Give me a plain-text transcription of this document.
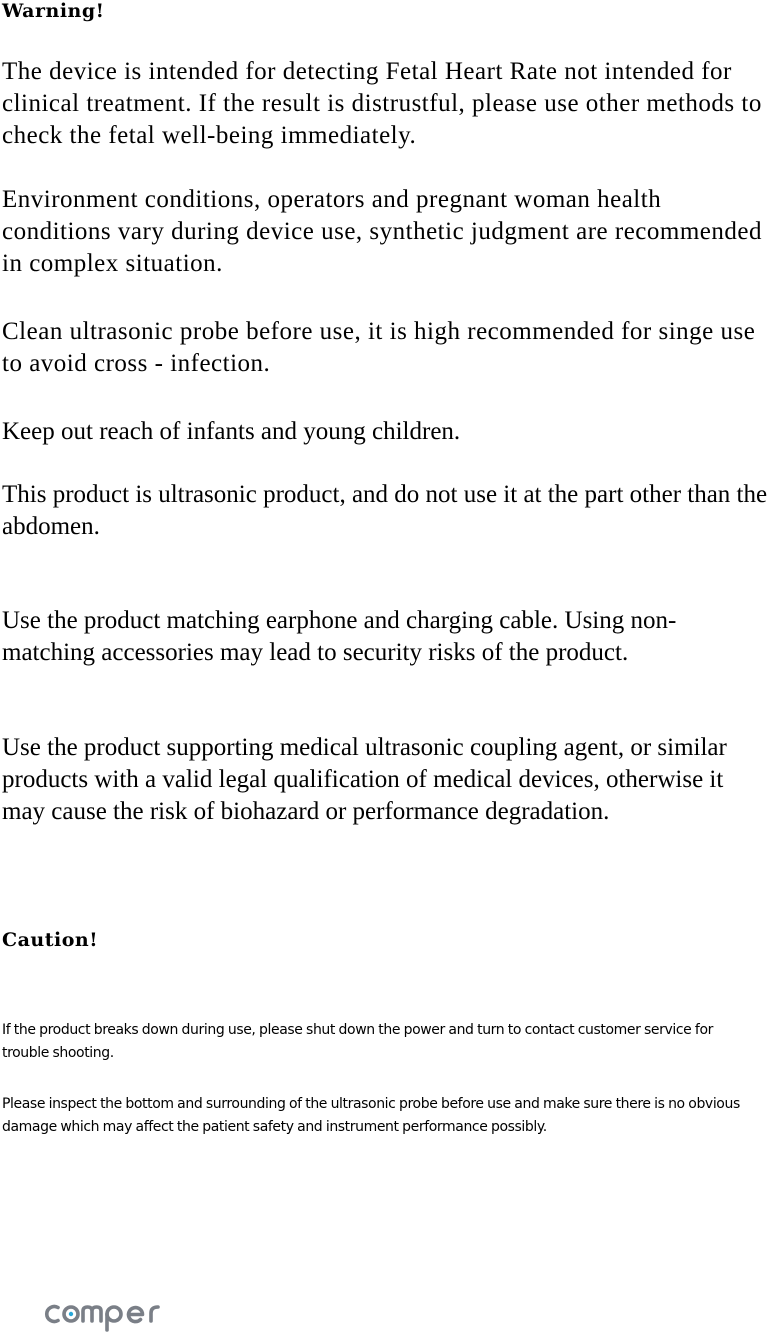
Warning!

The device is intended for detecting Fetal Heart Rate not intended for clinical treatment. If the result is distrustful, please use other methods to check the fetal well-being immediately.

Environment conditions, operators and pregnant woman health conditions vary during device use, synthetic judgment are recommended in complex situation.

Clean ultrasonic probe before use, it is high recommended for singe use to avoid cross - infection.

Keep out reach of infants and young children.

This product is ultrasonic product, and do not use it at the part other than the abdomen.

Use the product matching earphone and charging cable. Using non-matching accessories may lead to security risks of the product.

Use the product supporting medical ultrasonic coupling agent, or similar products with a valid legal qualification of medical devices, otherwise it may cause the risk of biohazard or performance degradation.

Caution!

If the product breaks down during use, please shut down the power and turn to contact customer service for trouble shooting.

Please inspect the bottom and surrounding of the ultrasonic probe before use and make sure there is no obvious damage which may affect the patient safety and instrument performance possibly.
